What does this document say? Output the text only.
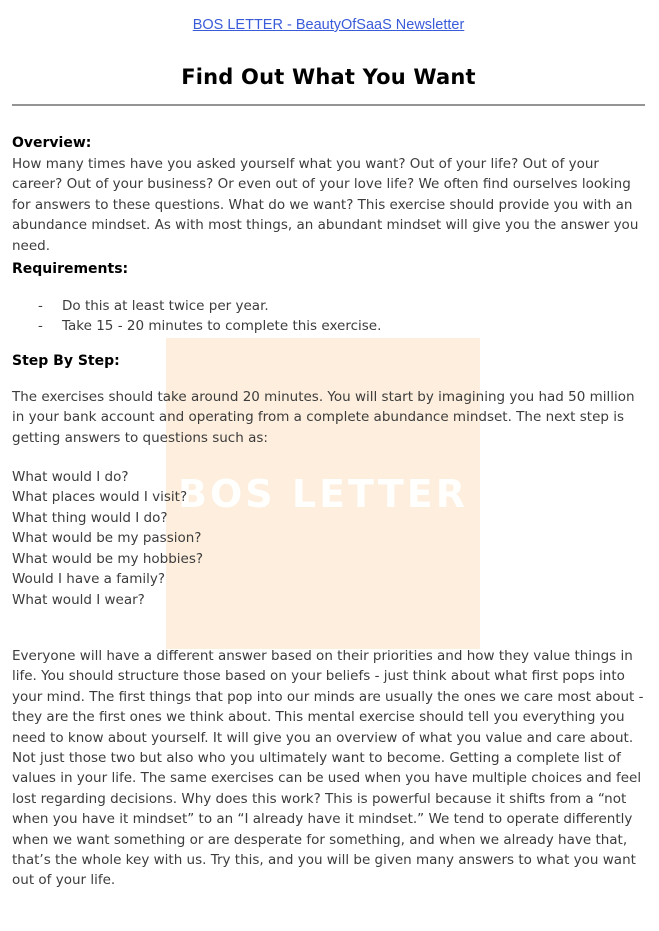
BOS LETTER
BOS LETTER - BeautyOfSaaS Newsletter
Find Out What You Want
Overview:

How many times have you asked yourself what you want? Out of your life? Out of your career? Out of your business? Or even out of your love life? We often find ourselves looking for answers to these questions. What do we want? This exercise should provide you with an abundance mindset. As with most things, an abundant mindset will give you the answer you need.

Requirements:
-	Do this at least twice per year.
-	Take 15 - 20 minutes to complete this exercise.
Step By Step:

The exercises should take around 20 minutes. You will start by imagining you had 50 million in your bank account and operating from a complete abundance mindset. The next step is getting answers to questions such as:

What would I do?
What places would I visit?
What thing would I do?
What would be my passion?
What would be my hobbies?
Would I have a family?
What would I wear?

Everyone will have a different answer based on their priorities and how they value things in life. You should structure those based on your beliefs - just think about what first pops into your mind. The first things that pop into our minds are usually the ones we care most about - they are the first ones we think about. This mental exercise should tell you everything you need to know about yourself. It will give you an overview of what you value and care about. Not just those two but also who you ultimately want to become. Getting a complete list of values in your life. The same exercises can be used when you have multiple choices and feel lost regarding decisions. Why does this work? This is powerful because it shifts from a “not when you have it mindset” to an “I already have it mindset.” We tend to operate differently when we want something or are desperate for something, and when we already have that, that’s the whole key with us. Try this, and you will be given many answers to what you want out of your life.
